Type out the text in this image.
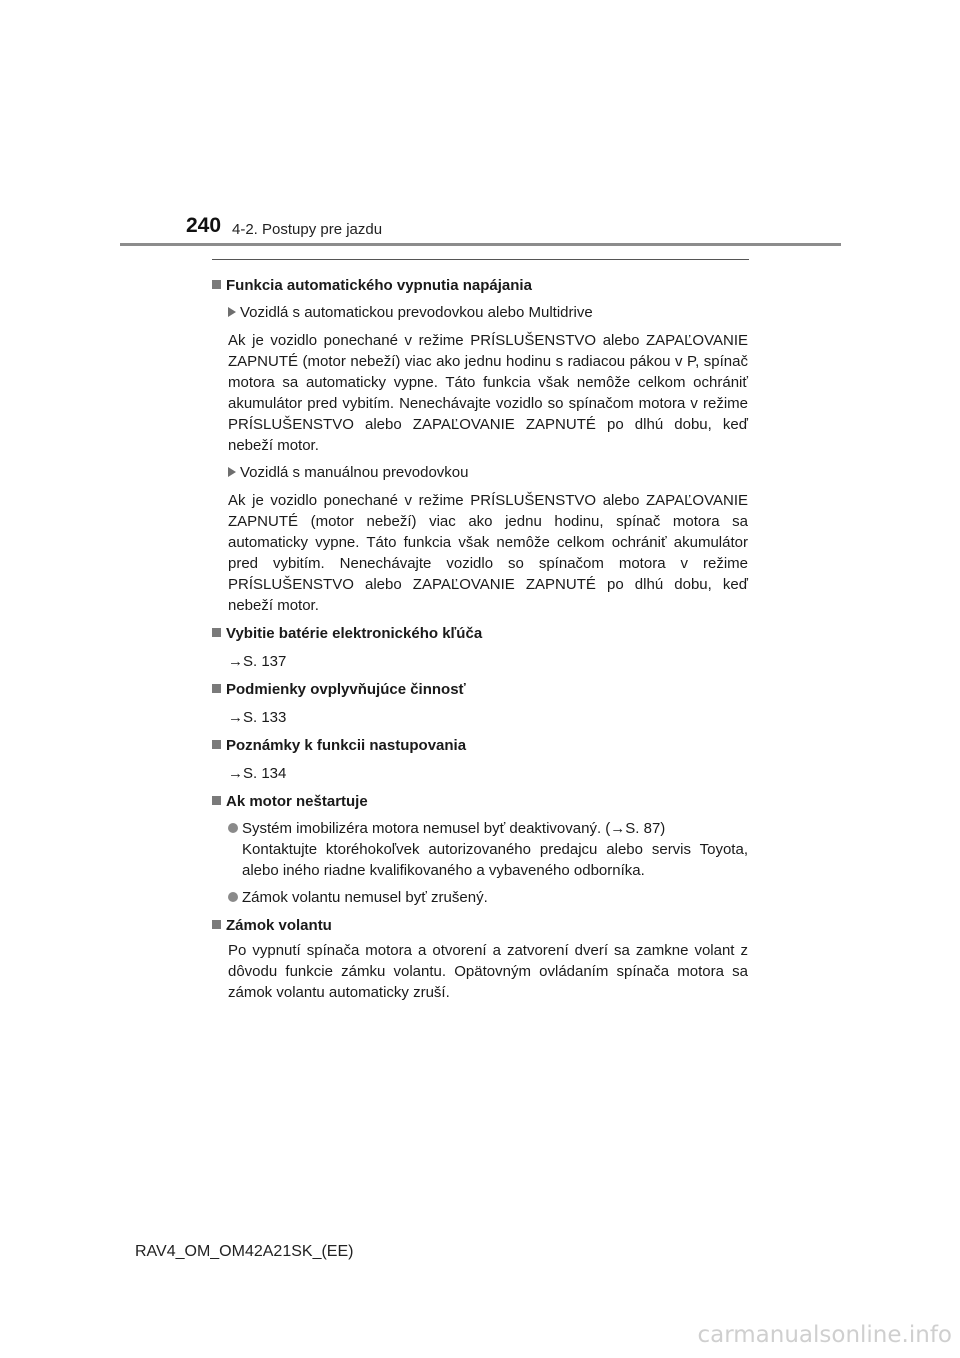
240 4-2. Postupy pre jazdu
Funkcia automatického vypnutia napájania
Vozidlá s automatickou prevodovkou alebo Multidrive
Ak je vozidlo ponechané v režime PRÍSLUŠENSTVO alebo ZAPAĽOVANIE ZAPNUTÉ (motor nebeží) viac ako jednu hodinu s radiacou pákou v P, spínač motora sa automaticky vypne. Táto funkcia však nemôže celkom ochrániť akumulátor pred vybitím. Nenechávajte vozidlo so spínačom motora v režime PRÍSLUŠENSTVO alebo ZAPAĽOVANIE ZAPNUTÉ po dlhú dobu, keď nebeží motor.
Vozidlá s manuálnou prevodovkou
Ak je vozidlo ponechané v režime PRÍSLUŠENSTVO alebo ZAPAĽOVANIE ZAPNUTÉ (motor nebeží) viac ako jednu hodinu, spínač motora sa automaticky vypne. Táto funkcia však nemôže celkom ochrániť akumulátor pred vybitím. Nenechávajte vozidlo so spínačom motora v režime PRÍSLUŠENSTVO alebo ZAPAĽOVANIE ZAPNUTÉ po dlhú dobu, keď nebeží motor.
Vybitie batérie elektronického kľúča
→S. 137
Podmienky ovplyvňujúce činnosť
→S. 133
Poznámky k funkcii nastupovania
→S. 134
Ak motor neštartuje
Systém imobilizéra motora nemusel byť deaktivovaný. (→S. 87)
Kontaktujte ktoréhokoľvek autorizovaného predajcu alebo servis Toyota, alebo iného riadne kvalifikovaného a vybaveného odborníka.
Zámok volantu nemusel byť zrušený.
Zámok volantu
Po vypnutí spínača motora a otvorení a zatvorení dverí sa zamkne volant z dôvodu funkcie zámku volantu. Opätovným ovládaním spínača motora sa zámok volantu automaticky zruší.
RAV4_OM_OM42A21SK_(EE)
carmanualsonline.info
